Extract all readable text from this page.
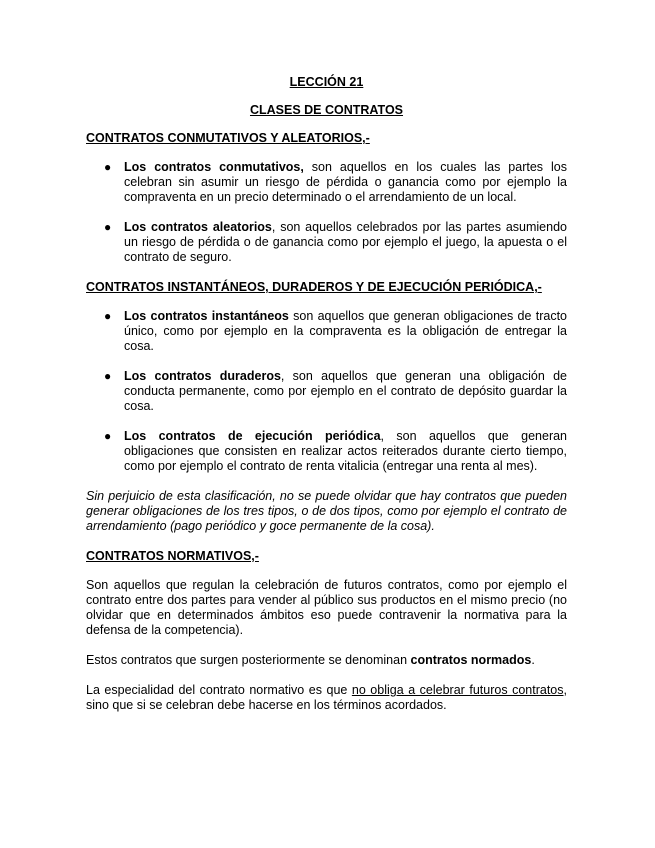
LECCIÓN 21

CLASES DE CONTRATOS

CONTRATOS CONMUTATIVOS Y ALEATORIOS,-

● Los contratos conmutativos, son aquellos en los cuales las partes los celebran sin asumir un riesgo de pérdida o ganancia como por ejemplo la compraventa en un precio determinado o el arrendamiento de un local.
● Los contratos aleatorios, son aquellos celebrados por las partes asumiendo un riesgo de pérdida o de ganancia como por ejemplo el juego, la apuesta o el contrato de seguro.

CONTRATOS INSTANTÁNEOS, DURADEROS Y DE EJECUCIÓN PERIÓDICA,-

● Los contratos instantáneos son aquellos que generan obligaciones de tracto único, como por ejemplo en la compraventa es la obligación de entregar la cosa.
● Los contratos duraderos, son aquellos que generan una obligación de conducta permanente, como por ejemplo en el contrato de depósito guardar la cosa.
● Los contratos de ejecución periódica, son aquellos que generan obligaciones que consisten en realizar actos reiterados durante cierto tiempo, como por ejemplo el contrato de renta vitalicia (entregar una renta al mes).

Sin perjuicio de esta clasificación, no se puede olvidar que hay contratos que pueden generar obligaciones de los tres tipos, o de dos tipos, como por ejemplo el contrato de arrendamiento (pago periódico y goce permanente de la cosa).

CONTRATOS NORMATIVOS,-

Son aquellos que regulan la celebración de futuros contratos, como por ejemplo el contrato entre dos partes para vender al público sus productos en el mismo precio (no olvidar que en determinados ámbitos eso puede contravenir la normativa para la defensa de la competencia).

Estos contratos que surgen posteriormente se denominan contratos normados.

La especialidad del contrato normativo es que no obliga a celebrar futuros contratos, sino que si se celebran debe hacerse en los términos acordados.
